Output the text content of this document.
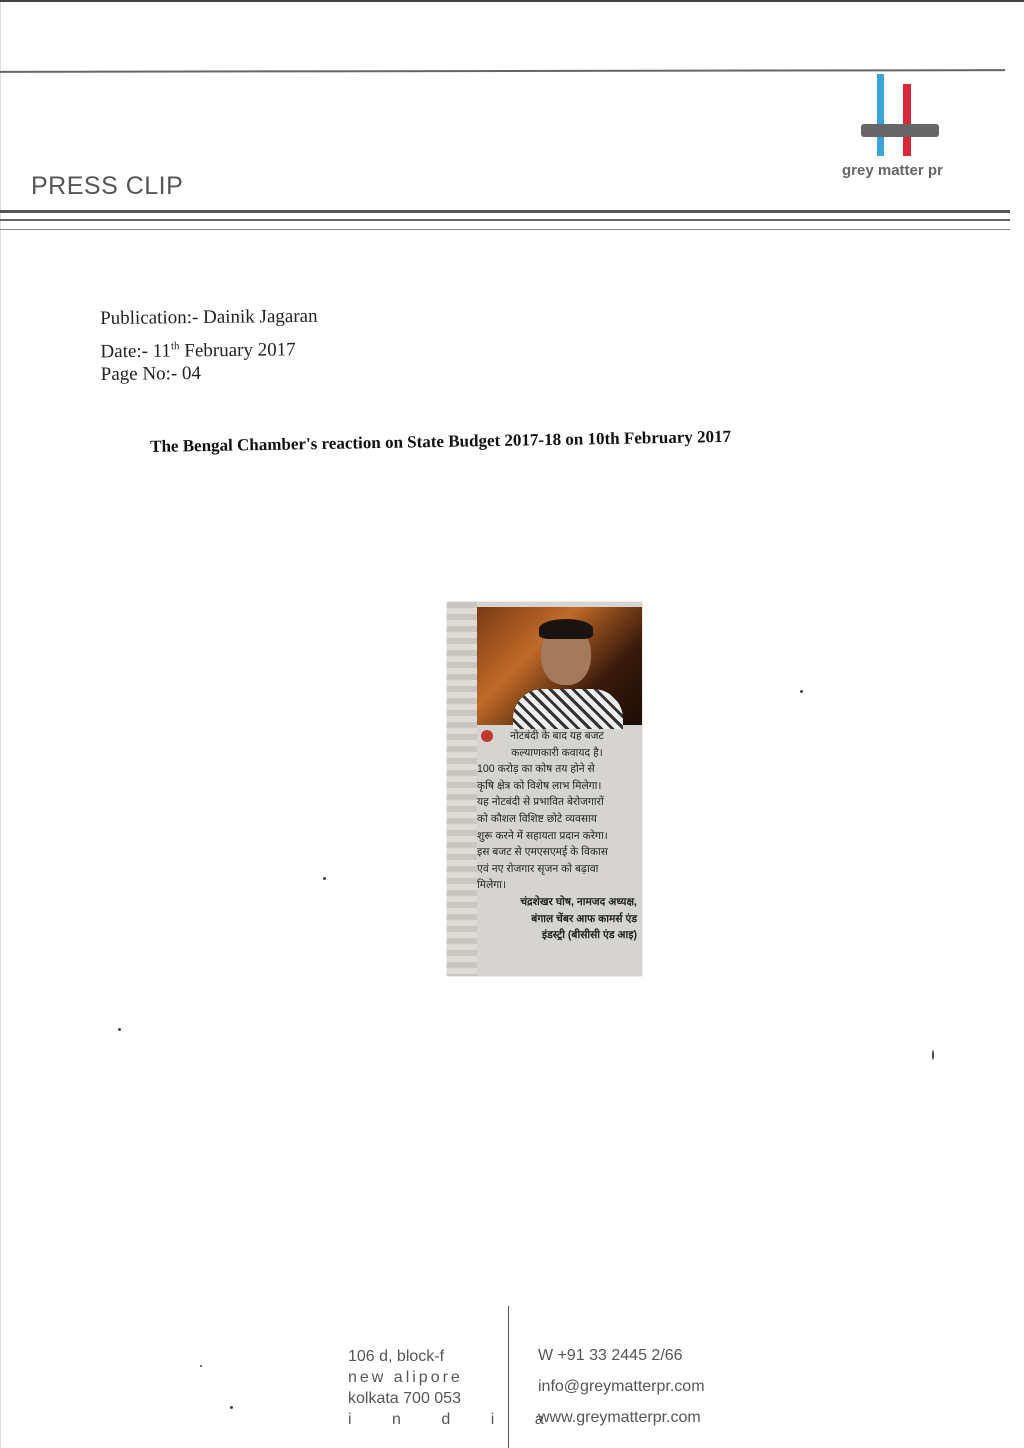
PRESS CLIP
grey matter pr
Publication:- Dainik Jagaran
Date:- 11th February 2017
Page No:- 04
The Bengal Chamber's reaction on State Budget 2017-18 on 10th February 2017
नोटबंदी के बाद यह बजट
कल्याणकारी कवायद है।
100 करोड़ का कोष तय होने से
कृषि क्षेत्र को विशेष लाभ मिलेगा।
यह नोटबंदी से प्रभावित बेरोजगारों
को कौशल विशिष्ट छोटे व्यवसाय
शुरू करने में सहायता प्रदान करेगा।
इस बजट से एमएसएमई के विकास
एवं नए रोजगार सृजन को बढ़ावा
मिलेगा।
चंद्रशेखर घोष, नामजद अध्यक्ष,
बंगाल चेंबर आफ कामर्स एंड
इंडस्ट्री (बीसीसी एंड आइ)
106 d, block-f
new alipore
kolkata 700 053
i n d i a
W +91 33 2445 2/66
info@greymatterpr.com
www.greymatterpr.com
